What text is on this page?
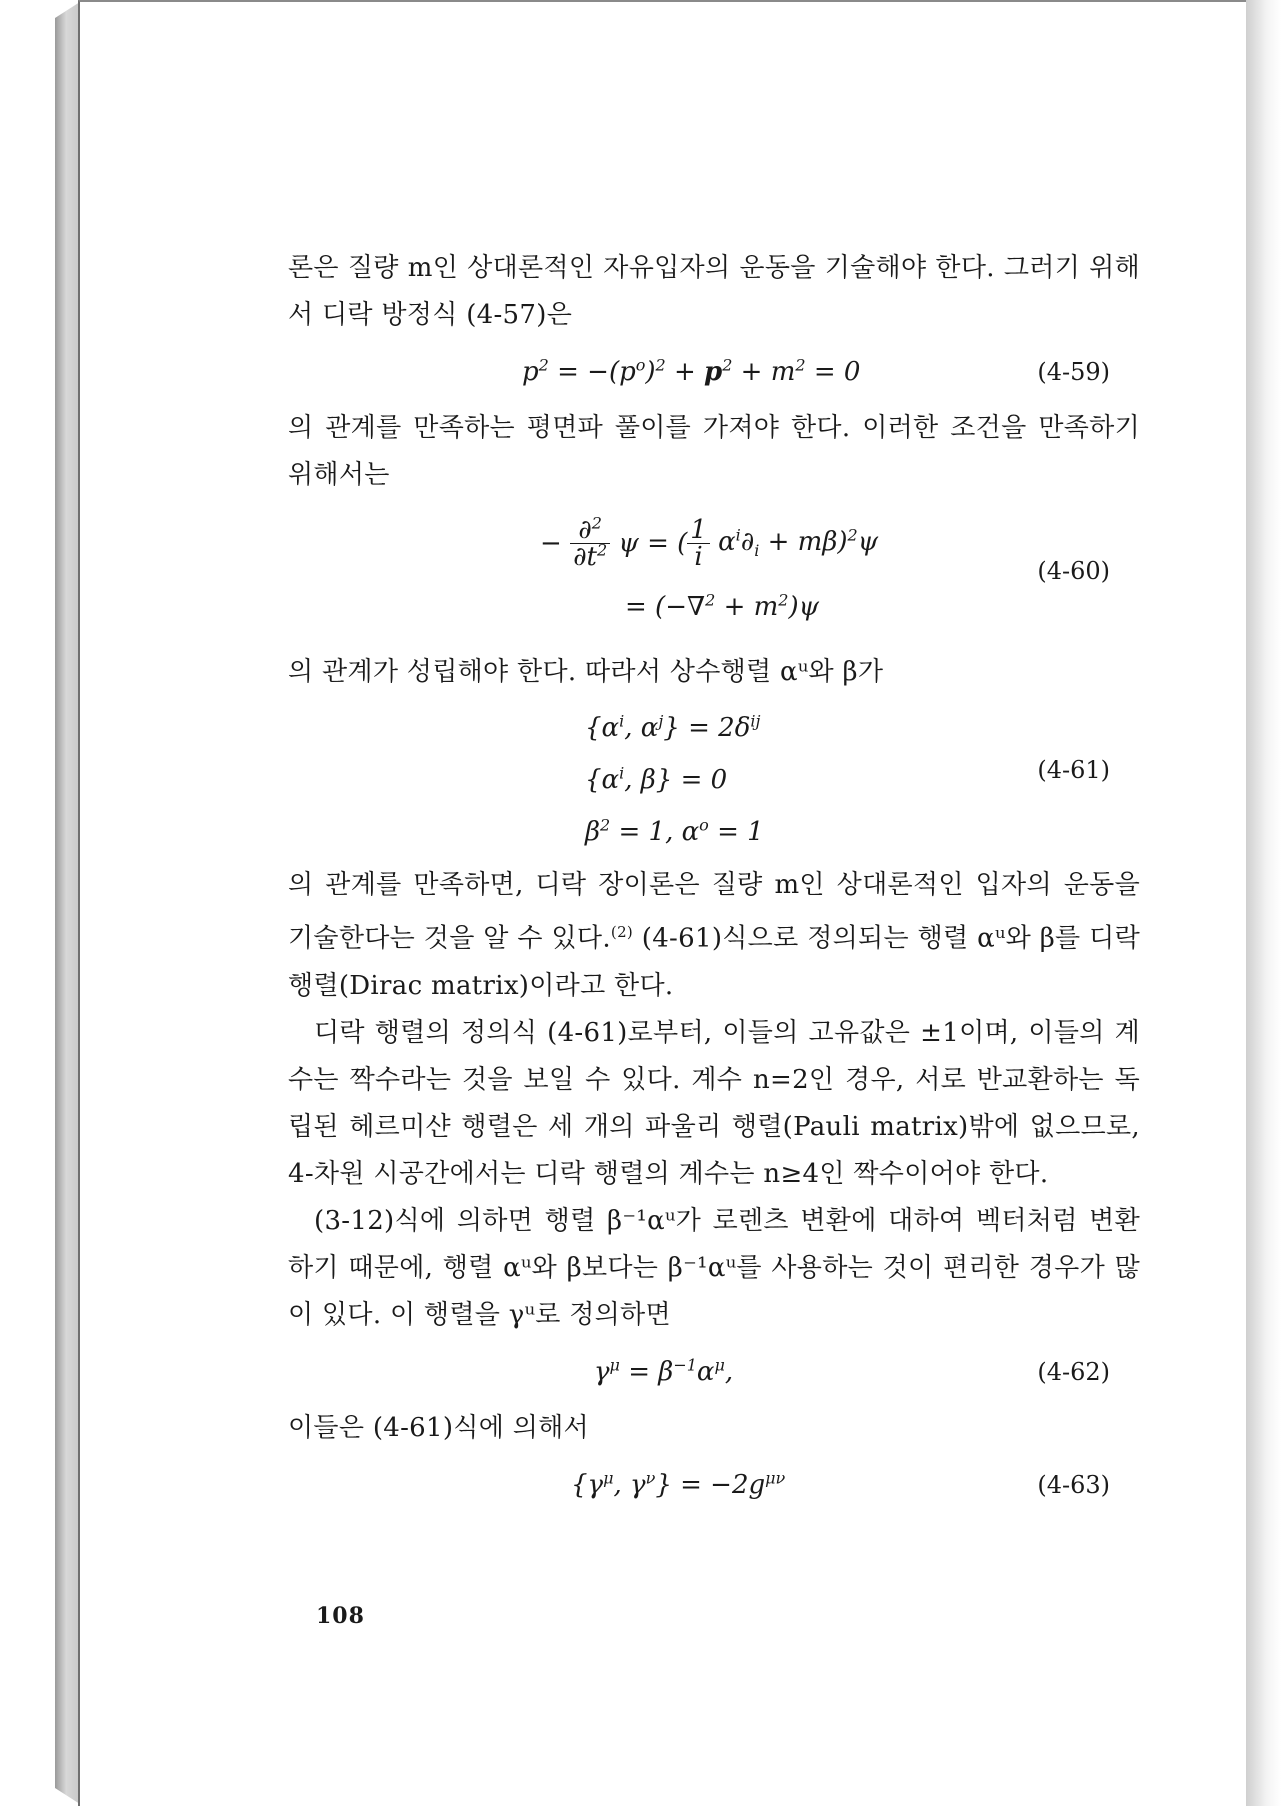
론은 질량 m인 상대론적인 자유입자의 운동을 기술해야 한다. 그러기 위해서 디락 방정식 (4-57)은

$p^2 = -(p^o)^2 + p^2 + m^2 = 0$	(4-59)

의 관계를 만족하는 평면파 풀이를 가져야 한다. 이러한 조건을 만족하기 위해서는

− $\frac{\partial^2}{\partial t^2}$ ψ = ( $\frac{1}{i} \alpha^i\partial_i + m\beta)^2\psi$
= $(-\nabla^2 + m^2)\psi$
(4-60)

의 관계가 성립해야 한다. 따라서 상수행렬 αᵘ와 β가

{$\alpha^i$, $\alpha^j\} = 2\delta^{ij}$
{$\alpha^i$, β} = 0
$\beta^2 = 1$, $\alpha^o = 1$
(4-61)

의 관계를 만족하면, 디락 장이론은 질량 m인 상대론적인 입자의 운동을 기술한다는 것을 알 수 있다.$^{(2)}$ (4-61)식으로 정의되는 행렬 αᵘ와 β를 디락 행렬(Dirac matrix)이라고 한다.

디락 행렬의 정의식 (4-61)로부터, 이들의 고유값은 ±1이며, 이들의 계수는 짝수라는 것을 보일 수 있다. 계수 n=2인 경우, 서로 반교환하는 독립된 헤르미샨 행렬은 세 개의 파울리 행렬(Pauli matrix)밖에 없으므로, 4-차원 시공간에서는 디락 행렬의 계수는 n≥4인 짝수이어야 한다.

(3-12)식에 의하면 행렬 β⁻¹αᵘ가 로렌츠 변환에 대하여 벡터처럼 변환하기 때문에, 행렬 αᵘ와 β보다는 β⁻¹αᵘ를 사용하는 것이 편리한 경우가 많이 있다. 이 행렬을 γᵘ로 정의하면

$\gamma^\mu = \beta^{-1}\alpha^\mu$,	(4-62)

이들은 (4-61)식에 의해서

{$\gamma^\mu$, $\gamma^\nu\} = -2g^{\mu\nu}$	(4-63)
108
